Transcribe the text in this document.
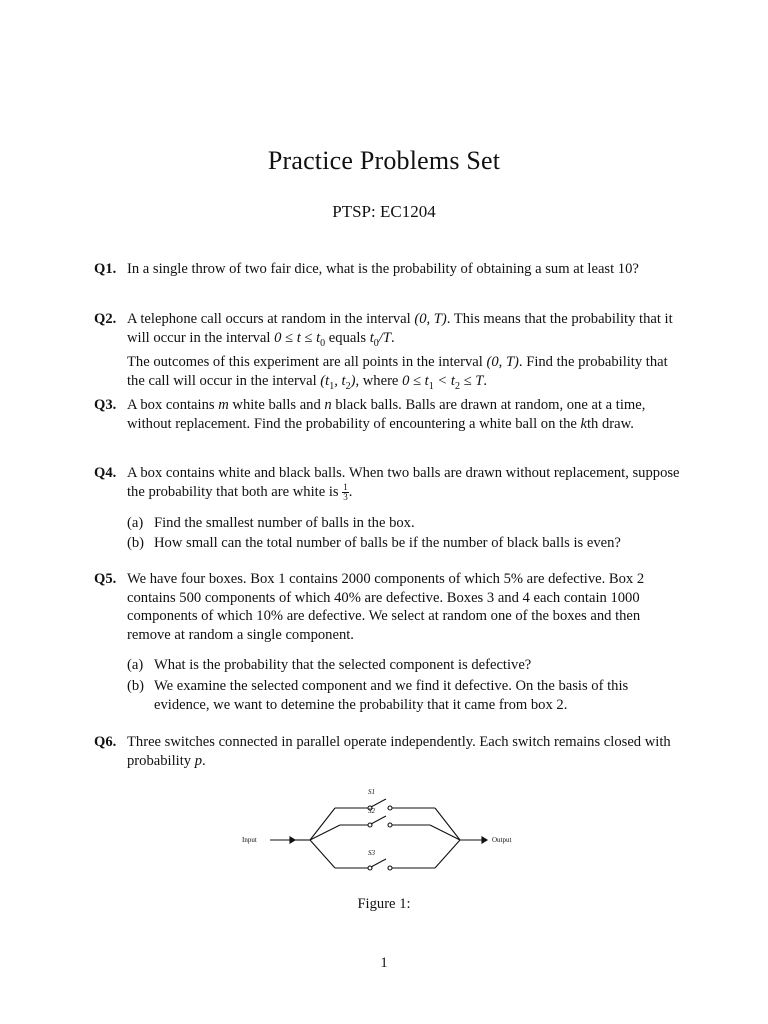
Practice Problems Set
PTSP: EC1204
Q1. In a single throw of two fair dice, what is the probability of obtaining a sum at least 10?

Q2. A telephone call occurs at random in the interval (0, T). This means that the probability that it will occur in the interval $0 \le t \le t_0$ equals $t_0/T$.

The outcomes of this experiment are all points in the interval (0, T). Find the probability that the call will occur in the interval ($t_1$, $t_2$), where $0 \le t_1 < t_2 \le T$.

Q3. A box contains m white balls and n black balls. Balls are drawn at random, one at a time, without replacement. Find the probability of encountering a white ball on the kth draw.

Q4. A box contains white and black balls. When two balls are drawn without replacement, suppose the probability that both are white is $\frac{1}{3}$ .

(a) Find the smallest number of balls in the box.
(b) How small can the total number of balls be if the number of black balls is even?
Q5. We have four boxes. Box 1 contains 2000 components of which 5% are defective. Box 2 contains 500 components of which 40% are defective. Boxes 3 and 4 each contain 1000 components of which 10% are defective. We select at random one of the boxes and then remove at random a single component.

(a) What is the probability that the selected component is defective?
(b) We examine the selected component and we find it defective. On the basis of this evidence, we want to detemine the probability that it came from box 2.
Q6. Three switches connected in parallel operate independently. Each switch remains closed with probability p.

Input	Output
S1
S2
S3
Figure 1:
1
